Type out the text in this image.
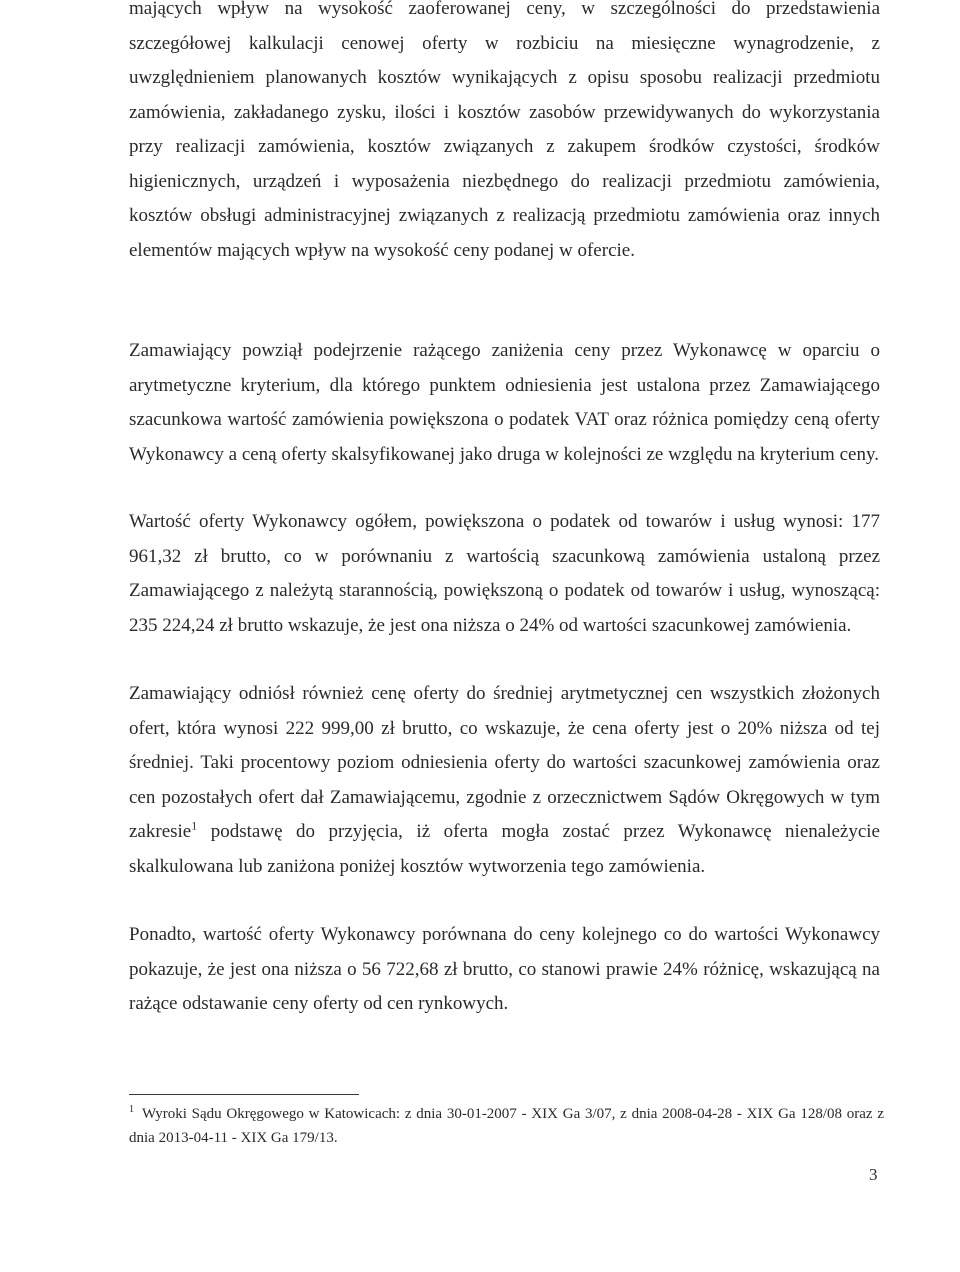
mających wpływ na wysokość zaoferowanej ceny, w szczególności do przedstawienia szczegółowej kalkulacji cenowej oferty w rozbiciu na miesięczne wynagrodzenie, z uwzględnieniem planowanych kosztów wynikających z opisu sposobu realizacji przedmiotu zamówienia, zakładanego zysku, ilości i kosztów zasobów przewidywanych do wykorzystania przy realizacji zamówienia, kosztów związanych z zakupem środków czystości, środków higienicznych, urządzeń i wyposażenia niezbędnego do realizacji przedmiotu zamówienia, kosztów obsługi administracyjnej związanych z realizacją przedmiotu zamówienia oraz innych elementów mających wpływ na wysokość ceny podanej w ofercie.

Zamawiający powziął podejrzenie rażącego zaniżenia ceny przez Wykonawcę w oparciu o arytmetyczne kryterium, dla którego punktem odniesienia jest ustalona przez Zamawiającego szacunkowa wartość zamówienia powiększona o podatek VAT oraz różnica pomiędzy ceną oferty Wykonawcy a ceną oferty skalsyfikowanej jako druga w kolejności ze względu na kryterium ceny.

Wartość oferty Wykonawcy ogółem, powiększona o podatek od towarów i usług wynosi: 177 961,32 zł brutto, co w porównaniu z wartością szacunkową zamówienia ustaloną przez Zamawiającego z należytą starannością, powiększoną o podatek od towarów i usług, wynoszącą: 235 224,24 zł brutto wskazuje, że jest ona niższa o 24% od wartości szacunkowej zamówienia.

Zamawiający odniósł również cenę oferty do średniej arytmetycznej cen wszystkich złożonych ofert, która wynosi 222 999,00 zł brutto, co wskazuje, że cena oferty jest o 20% niższa od tej średniej. Taki procentowy poziom odniesienia oferty do wartości szacunkowej zamówienia oraz cen pozostałych ofert dał Zamawiającemu, zgodnie z orzecznictwem Sądów Okręgowych w tym zakresie$^1$ podstawę do przyjęcia, iż oferta mogła zostać przez Wykonawcę nienależycie skalkulowana lub zaniżona poniżej kosztów wytworzenia tego zamówienia.

Ponadto, wartość oferty Wykonawcy porównana do ceny kolejnego co do wartości Wykonawcy pokazuje, że jest ona niższa o 56 722,68 zł brutto, co stanowi prawie 24% różnicę, wskazującą na rażące odstawanie ceny oferty od cen rynkowych.

$^1$ Wyroki Sądu Okręgowego w Katowicach: z dnia 30-01-2007 - XIX Ga 3/07, z dnia 2008-04-28 - XIX Ga 128/08 oraz z dnia 2013-04-11 - XIX Ga 179/13.

3
